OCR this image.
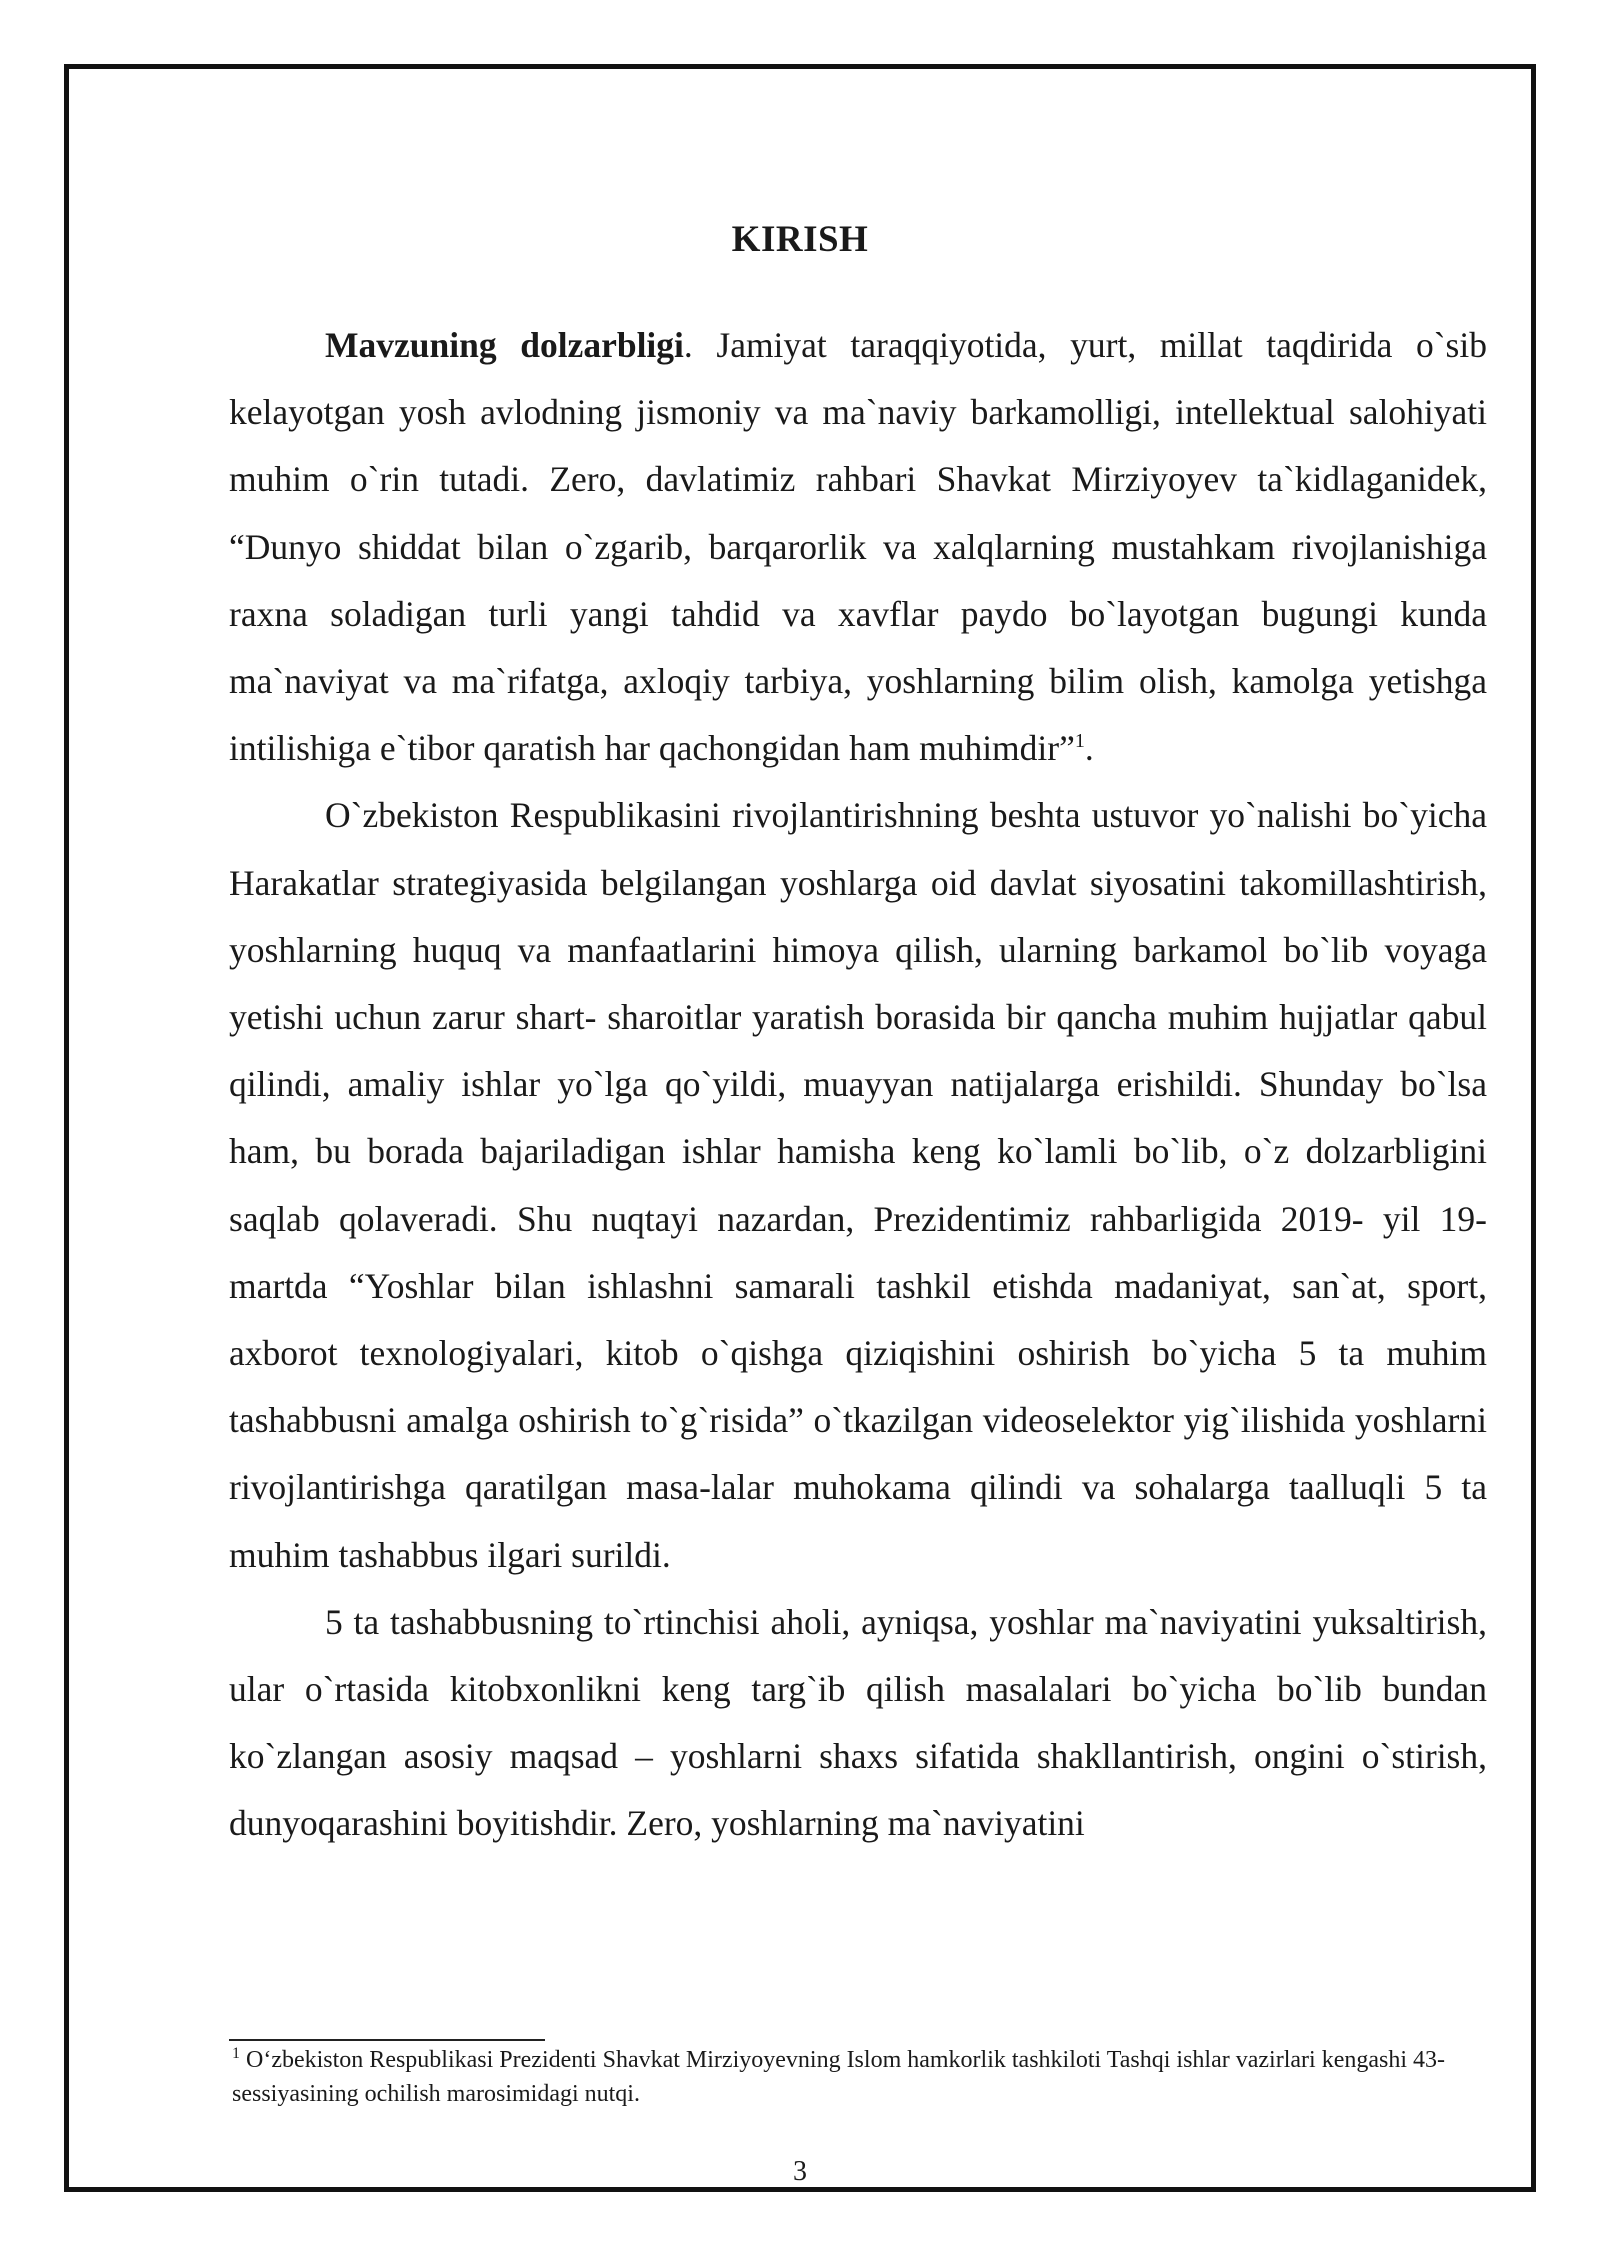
KIRISH

Mavzuning dolzarbligi. Jamiyat taraqqiyotida, yurt, millat taqdirida o`sib kelayotgan yosh avlodning jismoniy va ma`naviy barkamolligi, intellektual salohiyati muhim o`rin tutadi. Zero, davlatimiz rahbari Shavkat Mirziyoyev ta`kidlaganidek, “Dunyo shiddat bilan o`zgarib, barqarorlik va xalqlarning mustahkam rivojlanishiga raxna soladigan turli yangi tahdid va xavflar paydo bo`layotgan bugungi kunda ma`naviyat va ma`rifatga, axloqiy tarbiya, yoshlarning bilim olish, kamolga yetishga intilishiga e`tibor qaratish har qachongidan ham muhimdir”$^1$.

O`zbekiston Respublikasini rivojlantirishning beshta ustuvor yo`nalishi bo`yicha Harakatlar strategiyasida belgilangan yoshlarga oid davlat siyosatini takomillashtirish, yoshlarning huquq va manfaatlarini himoya qilish, ularning barkamol bo`lib voyaga yetishi uchun zarur shart- sharoitlar yaratish borasida bir qancha muhim hujjatlar qabul qilindi, amaliy ishlar yo`lga qo`yildi, muayyan natijalarga erishildi. Shunday bo`lsa ham, bu borada bajariladigan ishlar hamisha keng ko`lamli bo`lib, o`z dolzarbligini saqlab qolaveradi. Shu nuqtayi nazardan, Prezidentimiz rahbarligida 2019- yil 19- martda “Yoshlar bilan ishlashni samarali tashkil etishda madaniyat, san`at, sport, axborot texnologiyalari, kitob o`qishga qiziqishini oshirish bo`yicha 5 ta muhim tashabbusni amalga oshirish to`g`risida” o`tkazilgan videoselektor yig`ilishida yoshlarni rivojlantirishga qaratilgan masa-lalar muhokama qilindi va sohalarga taalluqli 5 ta muhim tashabbus ilgari surildi.

5 ta tashabbusning to`rtinchisi aholi, ayniqsa, yoshlar ma`naviyatini yuksaltirish, ular o`rtasida kitobxonlikni keng targ`ib qilish masalalari bo`yicha bo`lib bundan ko`zlangan asosiy maqsad – yoshlarni shaxs sifatida shakllantirish, ongini o`stirish, dunyoqarashini boyitishdir. Zero, yoshlarning ma`naviyatini

$^1$ O‘zbekiston Respublikasi Prezidenti Shavkat Mirziyoyevning Islom hamkorlik tashkiloti Tashqi ishlar vazirlari kengashi 43- sessiyasining ochilish marosimidagi nutqi.

3
